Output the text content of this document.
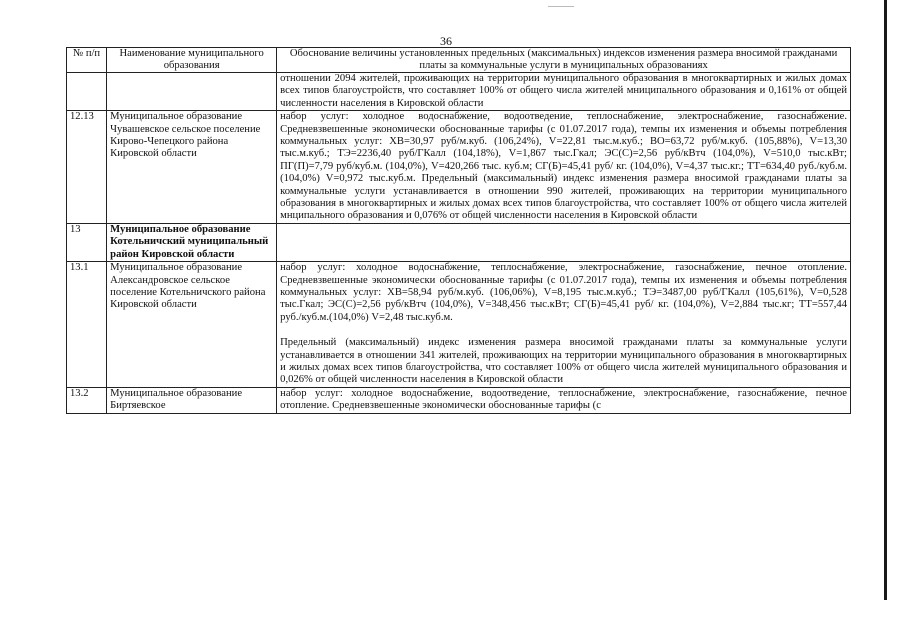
36
№ п/п	Наименование муниципального образования	Обоснование величины установленных предельных (максимальных) индексов изменения размера вносимой гражданами платы за коммунальные услуги в муниципальных образованиях
		отношении 2094 жителей, проживающих на территории муниципального образования в многоквартирных и жилых домах всех типов благоустройств, что составляет 100% от общего числа жителей мниципального образования и 0,161% от общей численности населения в Кировской области
12.13	Муниципальное образование Чувашевское сельское поселение Кирово-Чепецкого района Кировской области	набор услуг: холодное водоснабжение, водоотведение, теплоснабжение, электроснабжение, газоснабжение. Средневзвешенные экономически обоснованные тарифы (с 01.07.2017 года), темпы их изменения и объемы потребления коммунальных услуг: ХВ=30,97 руб/м.куб. (106,24%), V=22,81 тыс.м.куб.; ВО=63,72 руб/м.куб. (105,88%), V=13,30 тыс.м.куб.; ТЭ=2236,40 руб/ГКалл (104,18%), V=1,867 тыс.Гкал; ЭС(С)=2,56 руб/кВтч (104,0%), V=510,0 тыс.кВт; ПГ(П)=7,79 руб/куб.м. (104,0%), V=420,266 тыс. куб.м; СГ(Б)=45,41 руб/ кг. (104,0%), V=4,37 тыс.кг.; ТТ=634,40 руб./куб.м.(104,0%) V=0,972 тыс.куб.м. Предельный (максимальный) индекс изменения размера вносимой гражданами платы за коммунальные услуги устанавливается в отношении 990 жителей, проживающих на территории муниципального образования в многоквартирных и жилых домах всех типов благоустройства, что составляет 100% от общего числа жителей мнципального образования и 0,076% от общей численности населения в Кировской области
13	Муниципальное образование Котельничский муниципальный район Кировской области	
13.1	Муниципальное образование Александровское сельское поселение Котельничского района Кировской области	набор услуг: холодное водоснабжение, теплоснабжение, электроснабжение, газоснабжение, печное отопление. Средневзвешенные экономически обоснованные тарифы (с 01.07.2017 года), темпы их изменения и объемы потребления коммунальных услуг: ХВ=58,94 руб/м.куб. (106,06%), V=8,195 тыс.м.куб.; ТЭ=3487,00 руб/ГКалл (105,61%), V=0,528 тыс.Гкал; ЭС(С)=2,56 руб/кВтч (104,0%), V=348,456 тыс.кВт; СГ(Б)=45,41 руб/ кг. (104,0%), V=2,884 тыс.кг; ТТ=557,44 руб./куб.м.(104,0%) V=2,48 тыс.куб.м.
Предельный (максимальный) индекс изменения размера вносимой гражданами платы за коммунальные услуги устанавливается в отношении 341 жителей, проживающих на территории муниципального образования в многоквартирных и жилых домах всех типов благоустройства, что составляет 100% от общего числа жителей муниципального образования и 0,026% от общей численности населения в Кировской области

13.2	Муниципальное образование Биртяевское	набор услуг: холодное водоснабжение, водоотведение, теплоснабжение, электроснабжение, газоснабжение, печное отопление. Средневзвешенные экономически обоснованные тарифы (с
